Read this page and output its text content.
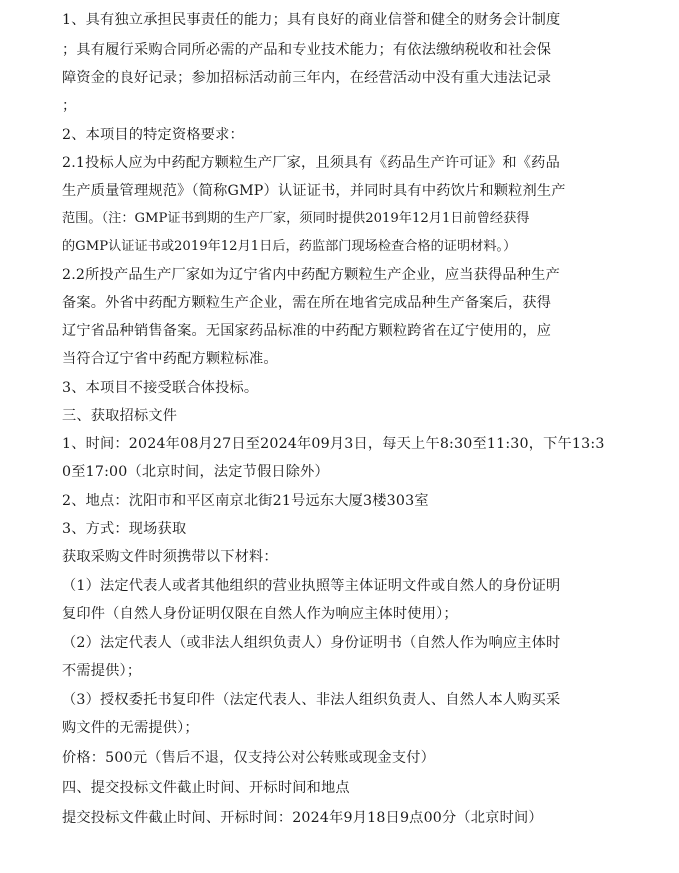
1、具有独立承担民事责任的能力；具有良好的商业信誉和健全的财务会计制度
；具有履行采购合同所必需的产品和专业技术能力；有依法缴纳税收和社会保
障资金的良好记录；参加招标活动前三年内，在经营活动中没有重大违法记录
；
2、本项目的特定资格要求：
2.1投标人应为中药配方颗粒生产厂家，且须具有《药品生产许可证》和《药品
生产质量管理规范》（简称GMP）认证证书，并同时具有中药饮片和颗粒剂生产
范围。（注：GMP证书到期的生产厂家，须同时提供2019年12月1日前曾经获得
的GMP认证证书或2019年12月1日后，药监部门现场检查合格的证明材料。）
2.2所投产品生产厂家如为辽宁省内中药配方颗粒生产企业，应当获得品种生产
备案。外省中药配方颗粒生产企业，需在所在地省完成品种生产备案后，获得
辽宁省品种销售备案。无国家药品标准的中药配方颗粒跨省在辽宁使用的，应
当符合辽宁省中药配方颗粒标准。
3、本项目不接受联合体投标。
三、获取招标文件
1、时间：2024年08月27日至2024年09月3日，每天上午8:30至11:30，下午13:3
0至17:00（北京时间，法定节假日除外）
2、地点：沈阳市和平区南京北街21号远东大厦3楼303室
3、方式：现场获取
获取采购文件时须携带以下材料：
（1）法定代表人或者其他组织的营业执照等主体证明文件或自然人的身份证明
复印件（自然人身份证明仅限在自然人作为响应主体时使用）；
（2）法定代表人（或非法人组织负责人）身份证明书（自然人作为响应主体时
不需提供）；
（3）授权委托书复印件（法定代表人、非法人组织负责人、自然人本人购买采
购文件的无需提供）；
价格：500元（售后不退，仅支持公对公转账或现金支付）
四、提交投标文件截止时间、开标时间和地点
提交投标文件截止时间、开标时间：2024年9月18日9点00分（北京时间）
